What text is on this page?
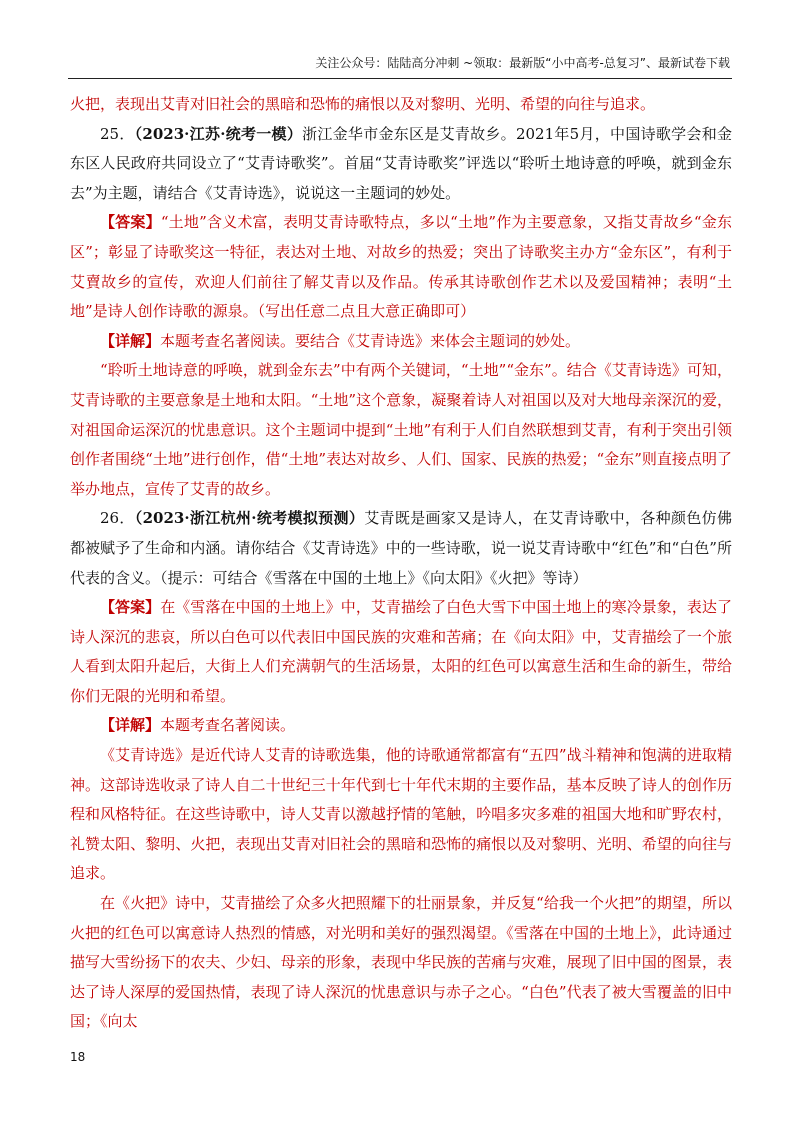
关注公众号：陆陆高分冲刺 ~领取：最新版“小中高考-总复习”、最新试卷下载

火把，表现出艾青对旧社会的黑暗和恐怖的痛恨以及对黎明、光明、希望的向往与追求。

25．（2023·江苏·统考一模）浙江金华市金东区是艾青故乡。2021年5月，中国诗歌学会和金东区人民政府共同设立了“艾青诗歌奖”。首届“艾青诗歌奖”评选以“聆听土地诗意的呼唤，就到金东去”为主题，请结合《艾青诗选》，说说这一主题词的妙处。

【答案】“土地”含义术富，表明艾青诗歌特点，多以“土地”作为主要意象，又指艾青故乡“金东区”；彰显了诗歌奖这一特征，表达对土地、对故乡的热爱；突出了诗歌奖主办方“金东区”，有利于艾賣故乡的宣传，欢迎人们前往了解艾青以及作品。传承其诗歌创作艺术以及爱国精神；表明“土地”是诗人创作诗歌的源泉。（写出任意二点且大意正确即可）

【详解】本题考查名著阅读。要结合《艾青诗选》来体会主题词的妙处。

“聆听土地诗意的呼唤，就到金东去”中有两个关键词，“土地”“金东”。结合《艾青诗选》可知，艾青诗歌的主要意象是土地和太阳。“土地”这个意象，凝聚着诗人对祖国以及对大地母亲深沉的爱，对祖国命运深沉的忧患意识。这个主题词中提到“土地”有利于人们自然联想到艾青，有利于突出引领创作者围绕“土地”进行创作，借“土地”表达对故乡、人们、国家、民族的热爱；“金东”则直接点明了举办地点，宣传了艾青的故乡。

26．（2023·浙江杭州·统考模拟预测）艾青既是画家又是诗人，在艾青诗歌中，各种颜色仿佛都被赋予了生命和内涵。请你结合《艾青诗选》中的一些诗歌，说一说艾青诗歌中“红色”和“白色”所代表的含义。（提示：可结合《雪落在中国的土地上》《向太阳》《火把》等诗）

【答案】在《雪落在中国的土地上》中，艾青描绘了白色大雪下中国土地上的寒冷景象，表达了诗人深沉的悲哀，所以白色可以代表旧中国民族的灾难和苦痛；在《向太阳》中，艾青描绘了一个旅人看到太阳升起后，大街上人们充满朝气的生活场景，太阳的红色可以寓意生活和生命的新生，带给你们无限的光明和希望。

【详解】本题考查名著阅读。

《艾青诗选》是近代诗人艾青的诗歌选集，他的诗歌通常都富有“五四”战斗精神和饱满的进取精神。这部诗选收录了诗人自二十世纪三十年代到七十年代末期的主要作品，基本反映了诗人的创作历程和风格特征。在这些诗歌中，诗人艾青以激越抒情的笔触，吟唱多灾多难的祖国大地和旷野农村，礼赞太阳、黎明、火把，表现出艾青对旧社会的黑暗和恐怖的痛恨以及对黎明、光明、希望的向往与追求。

在《火把》诗中，艾青描绘了众多火把照耀下的壮丽景象，并反复“给我一个火把”的期望，所以火把的红色可以寓意诗人热烈的情感，对光明和美好的强烈渴望。《雪落在中国的土地上》，此诗通过描写大雪纷扬下的农夫、少妇、母亲的形象，表现中华民族的苦痛与灾难，展现了旧中国的图景，表达了诗人深厚的爱国热情，表现了诗人深沉的忧患意识与赤子之心。“白色”代表了被大雪覆盖的旧中国；《向太

18
